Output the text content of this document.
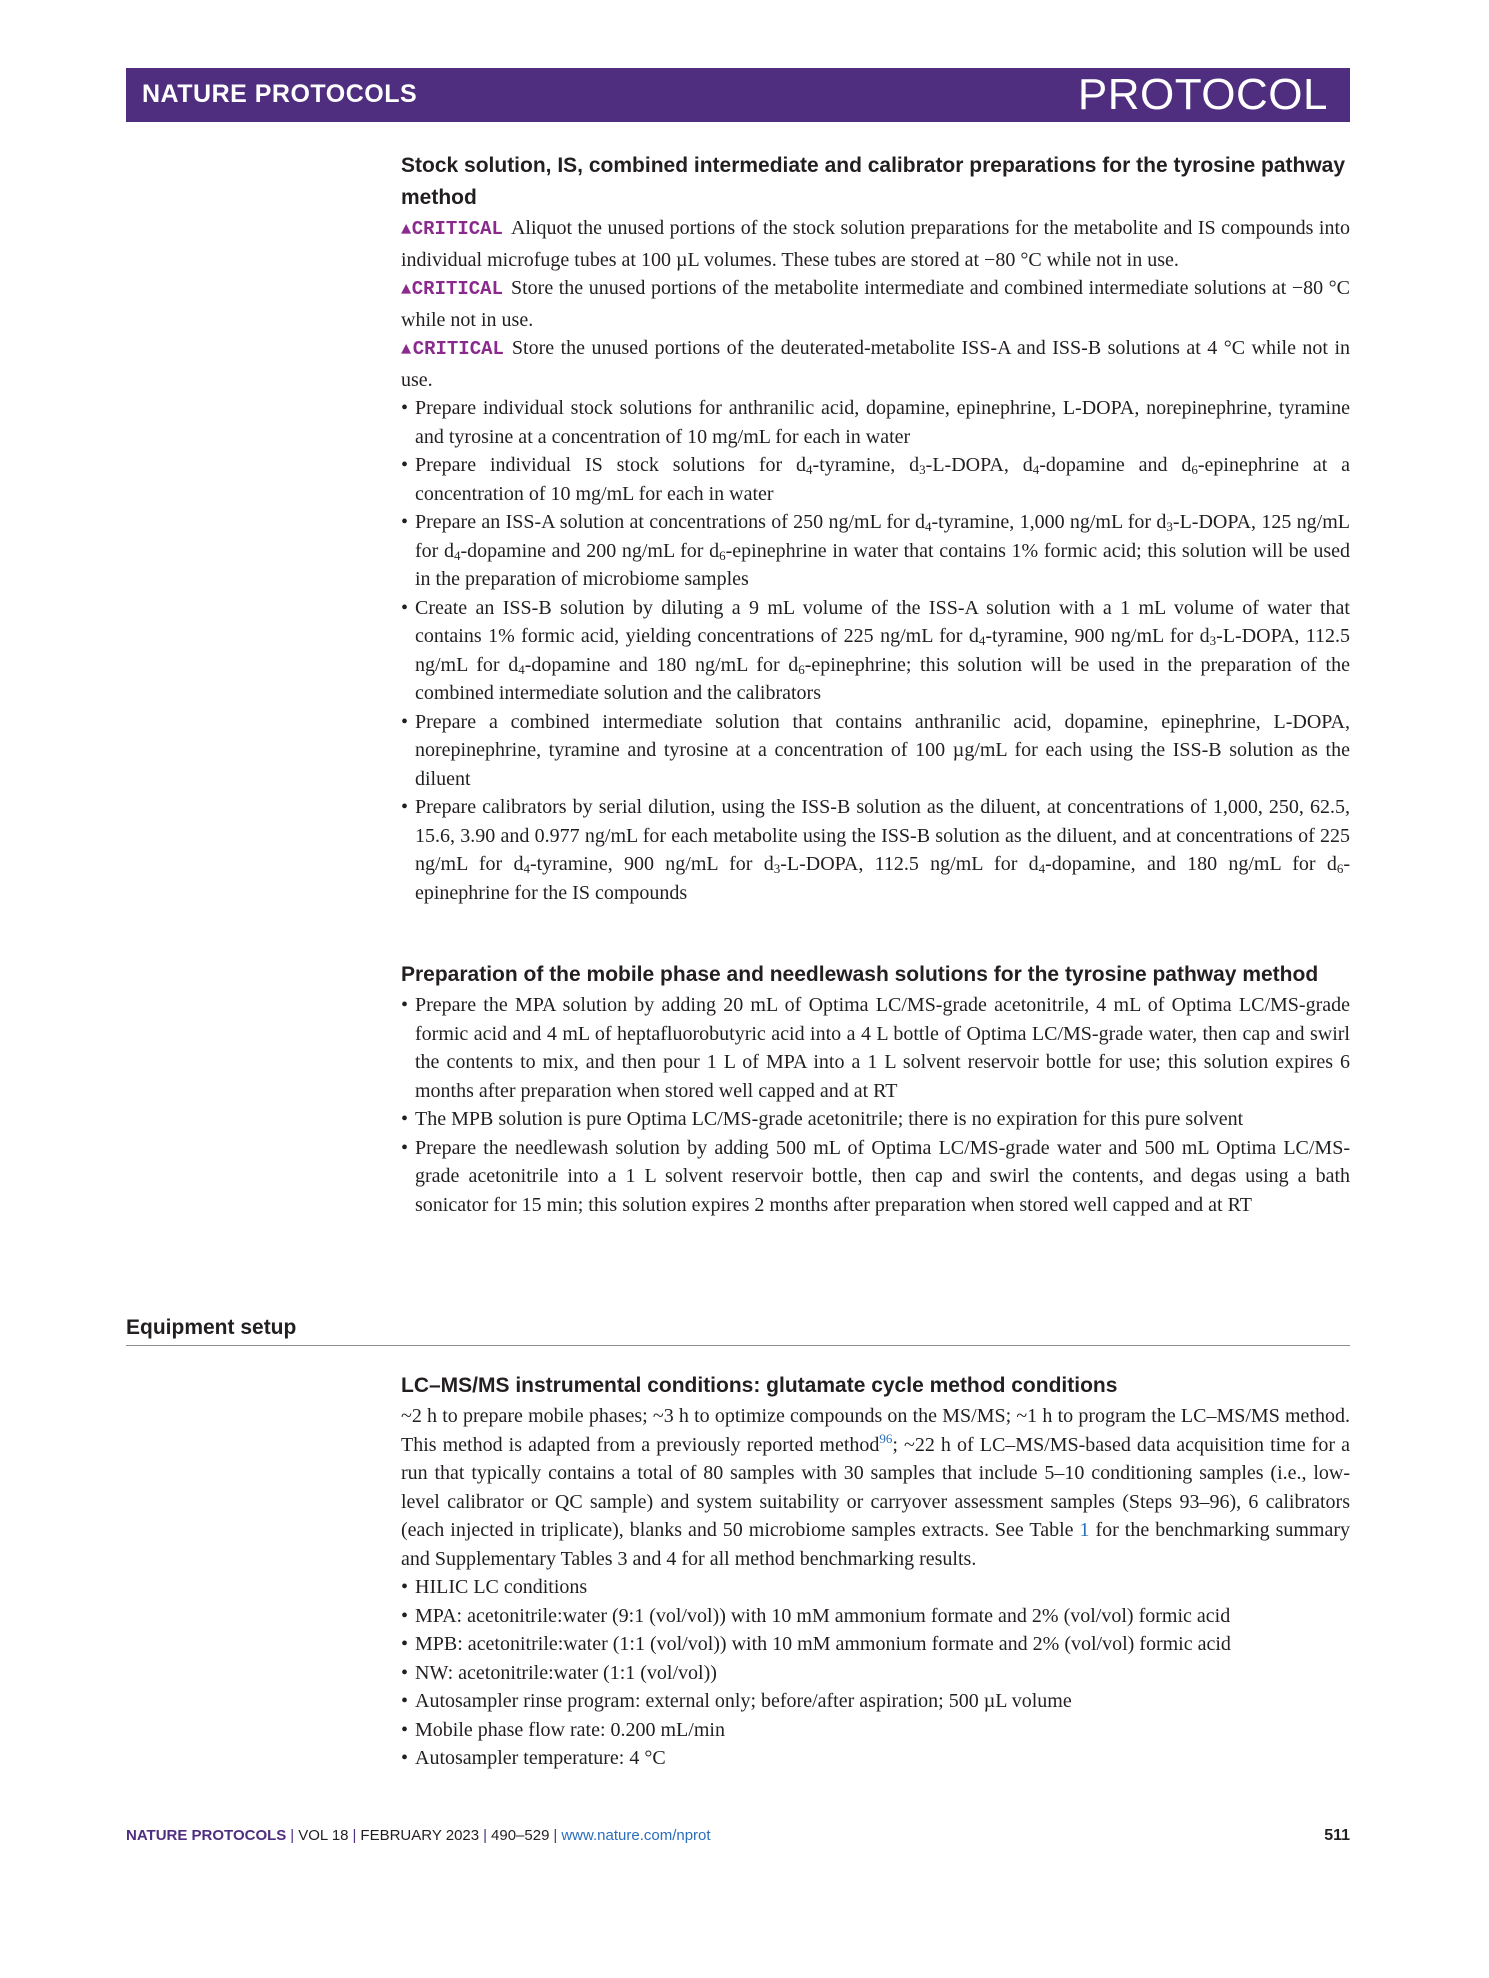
NATURE PROTOCOLS	PROTOCOL
Stock solution, IS, combined intermediate and calibrator preparations for the tyrosine pathway method

▲CRITICAL Aliquot the unused portions of the stock solution preparations for the metabolite and IS compounds into individual microfuge tubes at 100 µL volumes. These tubes are stored at −80 °C while not in use.

▲CRITICAL Store the unused portions of the metabolite intermediate and combined intermediate solutions at −80 °C while not in use.

▲CRITICAL Store the unused portions of the deuterated-metabolite ISS-A and ISS-B solutions at 4 °C while not in use.

• Prepare individual stock solutions for anthranilic acid, dopamine, epinephrine, L-DOPA, norepinephrine, tyramine and tyrosine at a concentration of 10 mg/mL for each in water
• Prepare individual IS stock solutions for $d_4$-tyramine, $d_3-L$-DOPA, $d_4$-dopamine and $d_6$-epinephrine at a concentration of 10 mg/mL for each in water
• Prepare an ISS-A solution at concentrations of 250 ng/mL for $d_4$-tyramine, 1,000 ng/mL for $d_3-L$-DOPA, 125 ng/mL for $d_4$-dopamine and 200 ng/mL for $d_6$-epinephrine in water that contains 1% formic acid; this solution will be used in the preparation of microbiome samples
• Create an ISS-B solution by diluting a 9 mL volume of the ISS-A solution with a 1 mL volume of water that contains 1% formic acid, yielding concentrations of 225 ng/mL for $d_4$-tyramine, 900 ng/mL for $d_3-L$-DOPA, 112.5 ng/mL for $d_4$-dopamine and 180 ng/mL for $d_6$-epinephrine; this solution will be used in the preparation of the combined intermediate solution and the calibrators
• Prepare a combined intermediate solution that contains anthranilic acid, dopamine, epinephrine, L-DOPA, norepinephrine, tyramine and tyrosine at a concentration of 100 µg/mL for each using the ISS-B solution as the diluent
• Prepare calibrators by serial dilution, using the ISS-B solution as the diluent, at concentrations of 1,000, 250, 62.5, 15.6, 3.90 and 0.977 ng/mL for each metabolite using the ISS-B solution as the diluent, and at concentrations of 225 ng/mL for $d_4$-tyramine, 900 ng/mL for $d_3-L$-DOPA, 112.5 ng/mL for $d_4$-dopamine, and 180 ng/mL for $d_6$-epinephrine for the IS compounds
Preparation of the mobile phase and needlewash solutions for the tyrosine pathway method
• Prepare the MPA solution by adding 20 mL of Optima LC/MS-grade acetonitrile, 4 mL of Optima LC/MS-grade formic acid and 4 mL of heptafluorobutyric acid into a 4 L bottle of Optima LC/MS-grade water, then cap and swirl the contents to mix, and then pour 1 L of MPA into a 1 L solvent reservoir bottle for use; this solution expires 6 months after preparation when stored well capped and at RT
• The MPB solution is pure Optima LC/MS-grade acetonitrile; there is no expiration for this pure solvent
• Prepare the needlewash solution by adding 500 mL of Optima LC/MS-grade water and 500 mL Optima LC/MS-grade acetonitrile into a 1 L solvent reservoir bottle, then cap and swirl the contents, and degas using a bath sonicator for 15 min; this solution expires 2 months after preparation when stored well capped and at RT
Equipment setup
LC–MS/MS instrumental conditions: glutamate cycle method conditions

~2 h to prepare mobile phases; ~3 h to optimize compounds on the MS/MS; ~1 h to program the LC–MS/MS method. This method is adapted from a previously reported method$^{96}$; ~22 h of LC–MS/MS-based data acquisition time for a run that typically contains a total of 80 samples with 30 samples that include 5–10 conditioning samples (i.e., low-level calibrator or QC sample) and system suitability or carryover assessment samples (Steps 93–96), 6 calibrators (each injected in triplicate), blanks and 50 microbiome samples extracts. See Table 1 for the benchmarking summary and Supplementary Tables 3 and 4 for all method benchmarking results.

• HILIC LC conditions
• MPA: acetonitrile:water (9:1 (vol/vol)) with 10 mM ammonium formate and 2% (vol/vol) formic acid
• MPB: acetonitrile:water (1:1 (vol/vol)) with 10 mM ammonium formate and 2% (vol/vol) formic acid
• NW: acetonitrile:water (1:1 (vol/vol))
• Autosampler rinse program: external only; before/after aspiration; 500 µL volume
• Mobile phase flow rate: 0.200 mL/min
• Autosampler temperature: 4 °C
NATURE PROTOCOLS | VOL 18 | FEBRUARY 2023 | 490–529 | www.nature.com/nprot	511
